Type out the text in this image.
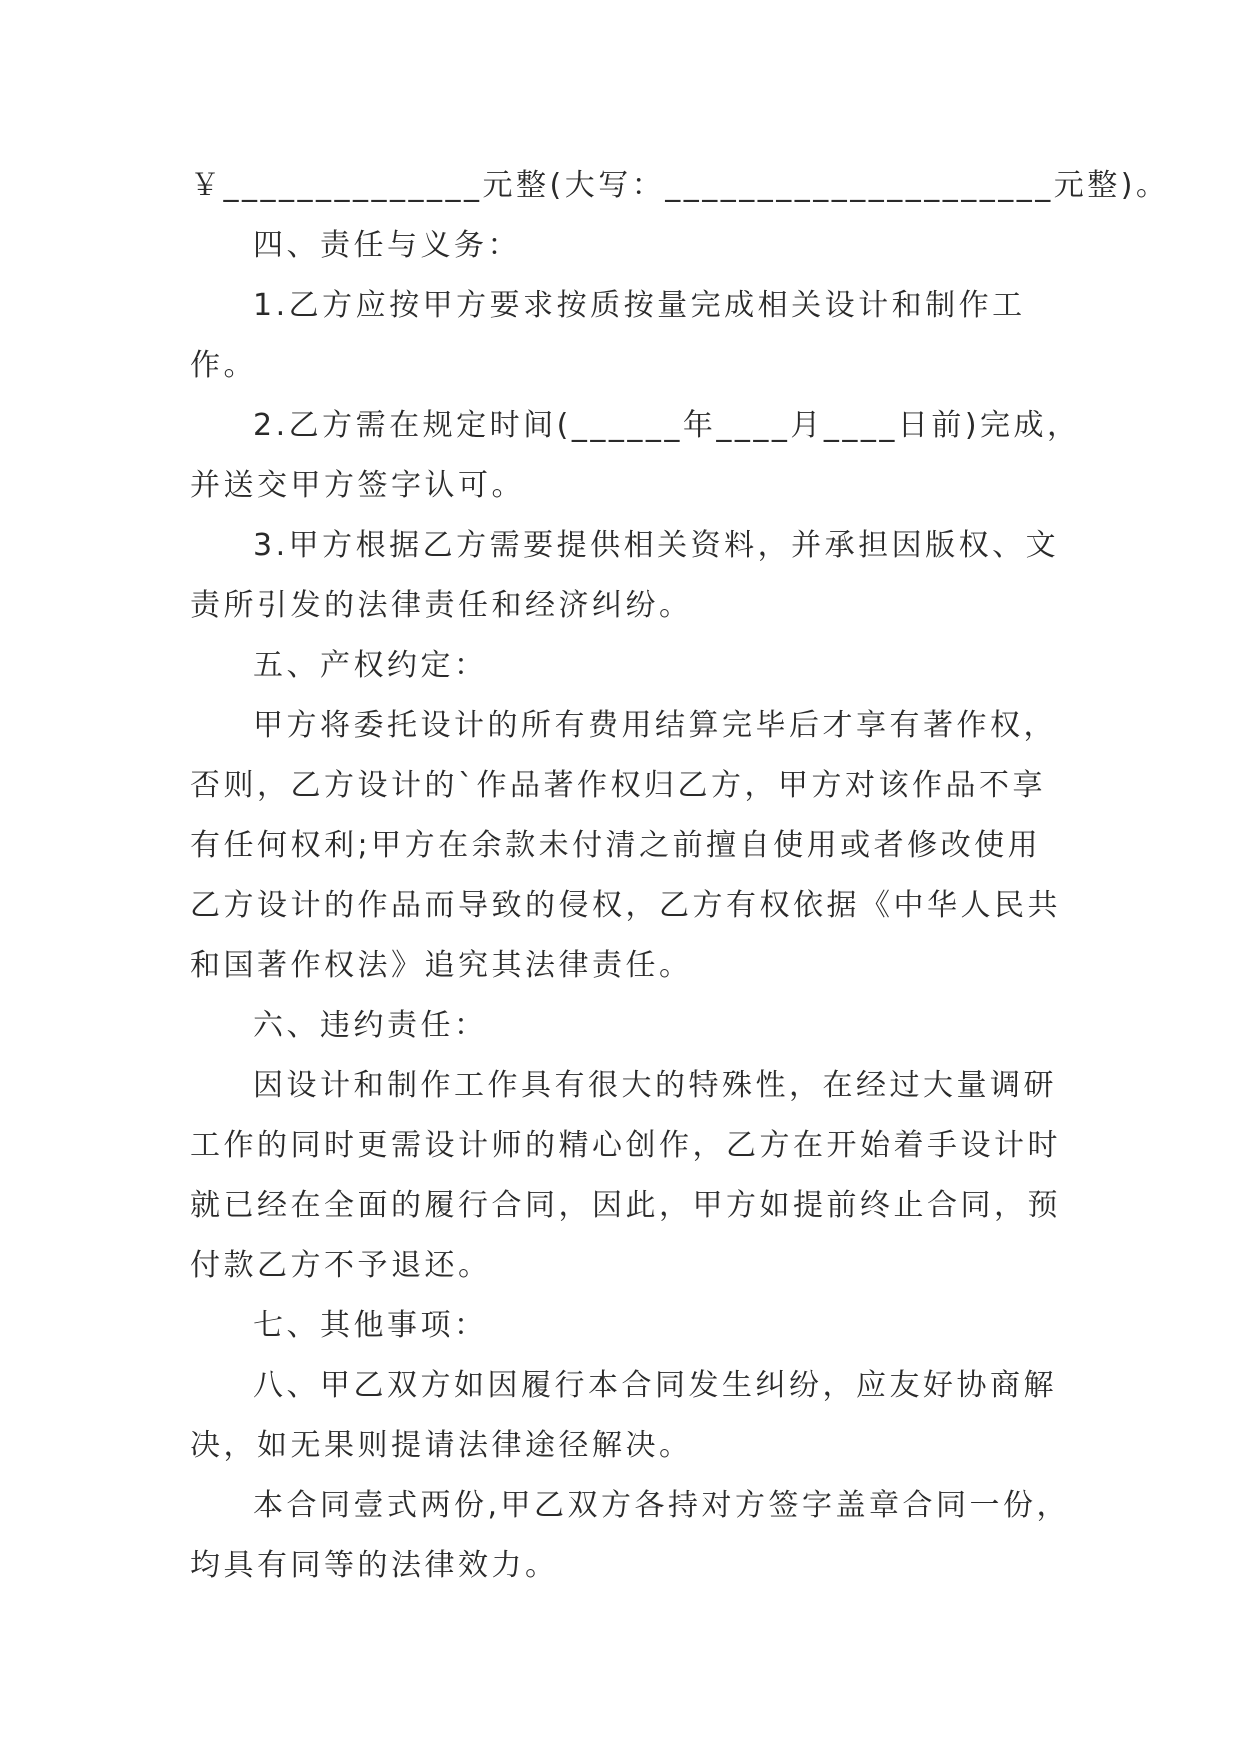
￥______________元整(大写：_____________________元整)。
四、责任与义务：
1.乙方应按甲方要求按质按量完成相关设计和制作工
作。
2.乙方需在规定时间(______年____月____日前)完成，
并送交甲方签字认可。
3.甲方根据乙方需要提供相关资料，并承担因版权、文
责所引发的法律责任和经济纠纷。
五、产权约定：
甲方将委托设计的所有费用结算完毕后才享有著作权，
否则，乙方设计的`作品著作权归乙方，甲方对该作品不享
有任何权利;甲方在余款未付清之前擅自使用或者修改使用
乙方设计的作品而导致的侵权，乙方有权依据《中华人民共
和国著作权法》追究其法律责任。
六、违约责任：
因设计和制作工作具有很大的特殊性，在经过大量调研
工作的同时更需设计师的精心创作，乙方在开始着手设计时
就已经在全面的履行合同，因此，甲方如提前终止合同，预
付款乙方不予退还。
七、其他事项：
八、甲乙双方如因履行本合同发生纠纷，应友好协商解
决，如无果则提请法律途径解决。
本合同壹式两份,甲乙双方各持对方签字盖章合同一份，
均具有同等的法律效力。
